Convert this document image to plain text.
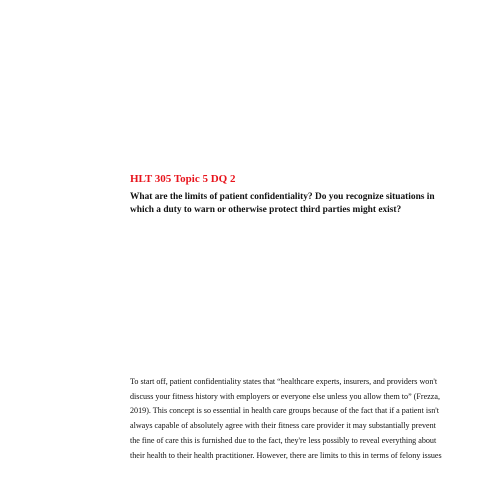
HLT 305 Topic 5 DQ 2

What are the limits of patient confidentiality? Do you recognize situations in
which a duty to warn or otherwise protect third parties might exist?

To start off, patient confidentiality states that “healthcare experts, insurers, and providers won't
discuss your fitness history with employers or everyone else unless you allow them to” (Frezza,
2019). This concept is so essential in health care groups because of the fact that if a patient isn't
always capable of absolutely agree with their fitness care provider it may substantially prevent
the fine of care this is furnished due to the fact, they're less possibly to reveal everything about
their health to their health practitioner. However, there are limits to this in terms of felony issues
